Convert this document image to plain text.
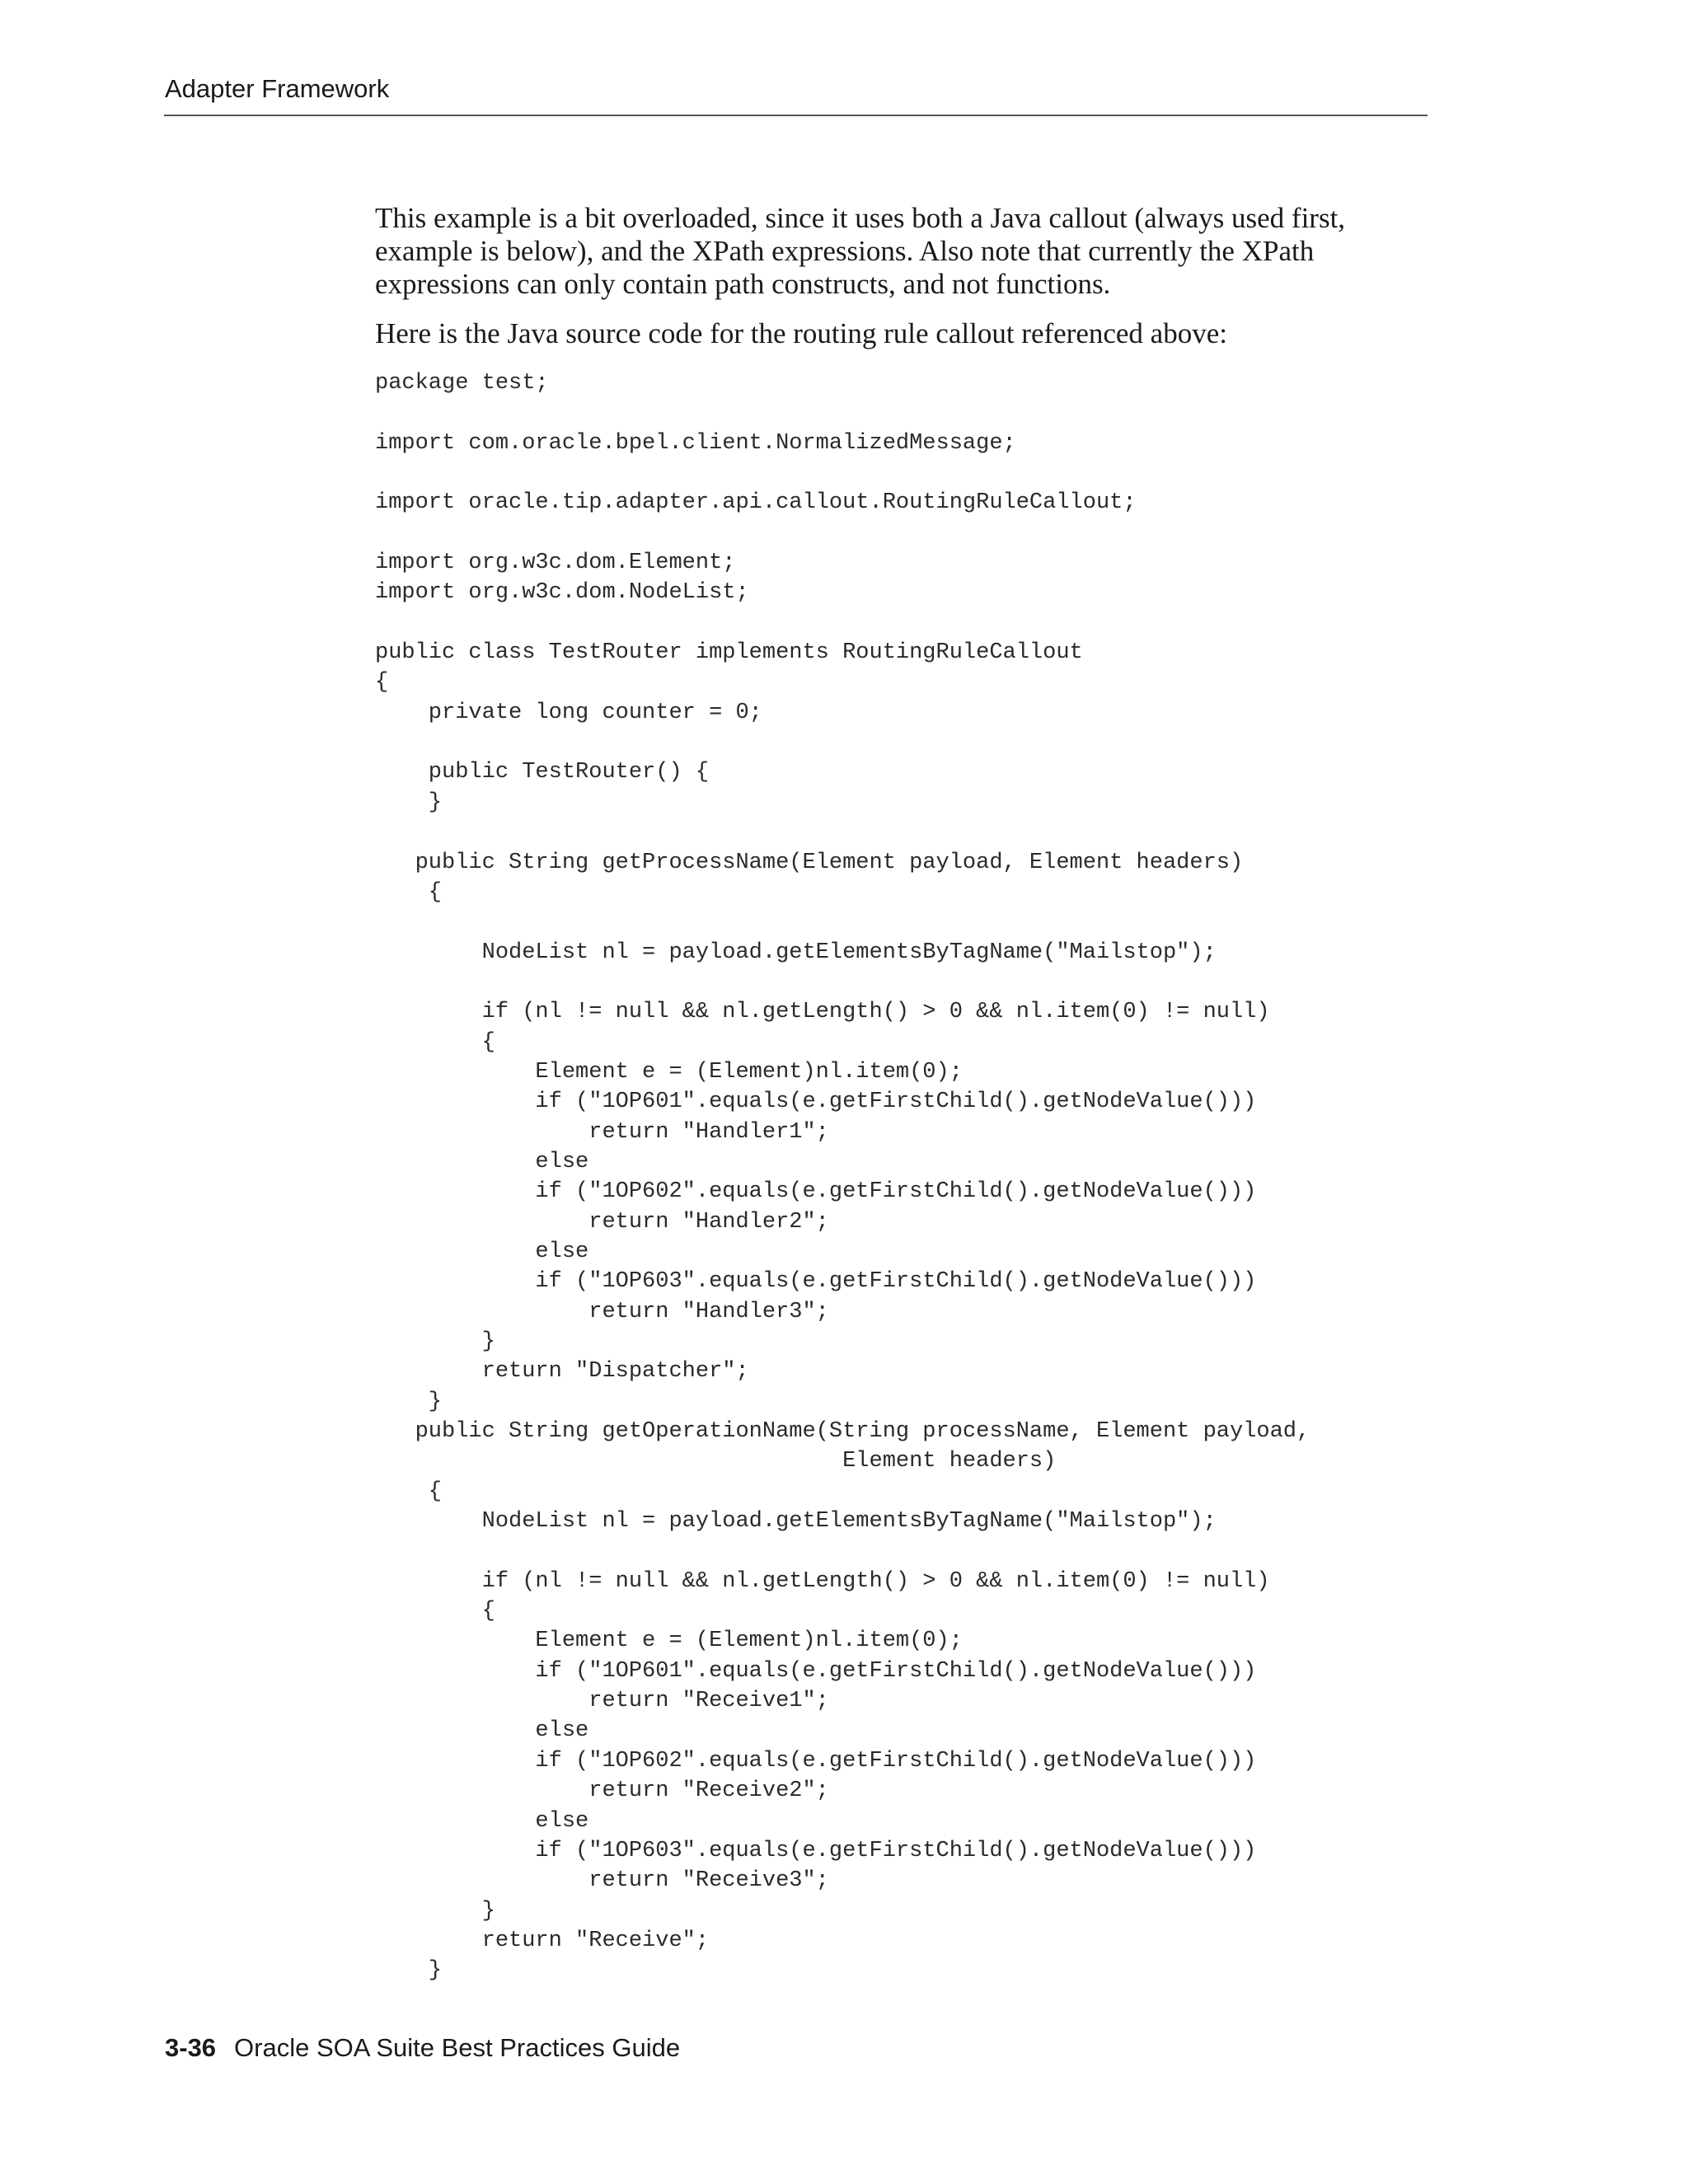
Adapter Framework

This example is a bit overloaded, since it uses both a Java callout (always used first, example is below), and the XPath expressions. Also note that currently the XPath expressions can only contain path constructs, and not functions.

Here is the Java source code for the routing rule callout referenced above:

package test;

import com.oracle.bpel.client.NormalizedMessage;

import oracle.tip.adapter.api.callout.RoutingRuleCallout;

import org.w3c.dom.Element;
import org.w3c.dom.NodeList;

public class TestRouter implements RoutingRuleCallout
{
private long counter = 0;

public TestRouter() {
}

public String getProcessName(Element payload, Element headers)
{

NodeList nl = payload.getElementsByTagName("Mailstop");

if (nl != null && nl.getLength() > 0 && nl.item(0) != null)
{
Element e = (Element)nl.item(0);
if ("1OP601".equals(e.getFirstChild().getNodeValue()))
return "Handler1";
else
if ("1OP602".equals(e.getFirstChild().getNodeValue()))
return "Handler2";
else
if ("1OP603".equals(e.getFirstChild().getNodeValue()))
return "Handler3";
}
return "Dispatcher";
}
public String getOperationName(String processName, Element payload,
Element headers)
{
NodeList nl = payload.getElementsByTagName("Mailstop");

if (nl != null && nl.getLength() > 0 && nl.item(0) != null)
{
Element e = (Element)nl.item(0);
if ("1OP601".equals(e.getFirstChild().getNodeValue()))
return "Receive1";
else
if ("1OP602".equals(e.getFirstChild().getNodeValue()))
return "Receive2";
else
if ("1OP603".equals(e.getFirstChild().getNodeValue()))
return "Receive3";
}
return "Receive";
}
3-36 Oracle SOA Suite Best Practices Guide
